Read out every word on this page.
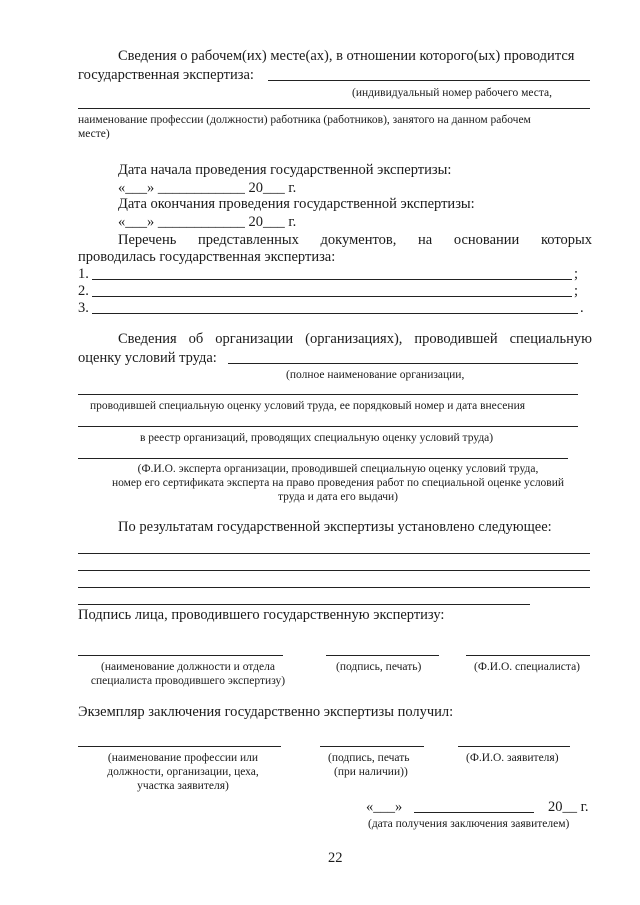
Сведения о рабочем(их) месте(ах), в отношении которого(ых) проводится
государственная экспертиза:
(индивидуальный номер рабочего места,
наименование профессии (должности) работника (работников), занятого на данном рабочем
месте)
Дата начала проведения государственной экспертизы:
«___» ____________ 20___ г.
Дата окончания проведения государственной экспертизы:
«___» ____________ 20___ г.
Перечень представленных документов, на основании которых
проводилась государственная экспертиза:
1.	;
2.	;
3.	.
Сведения об организации (организациях), проводившей специальную
оценку условий труда:
(полное наименование организации,
проводившей специальную оценку условий труда, ее порядковый номер и дата внесения
в реестр организаций, проводящих специальную оценку условий труда)
(Ф.И.О. эксперта организации, проводившей специальную оценку условий труда,
номер его сертификата эксперта на право проведения работ по специальной оценке условий
труда и дата его выдачи)
По результатам государственной экспертизы установлено следующее:
Подпись лица, проводившего государственную экспертизу:
(наименование должности и отдела
специалиста проводившего экспертизу)
(подпись, печать)	(Ф.И.О. специалиста)
Экземпляр заключения государственно экспертизы получил:
(наименование профессии или
должности, организации, цеха,
участка заявителя)
(подпись, печать
(при наличии))
(Ф.И.О. заявителя)
«___»	20__ г.
(дата получения заключения заявителем)
22
